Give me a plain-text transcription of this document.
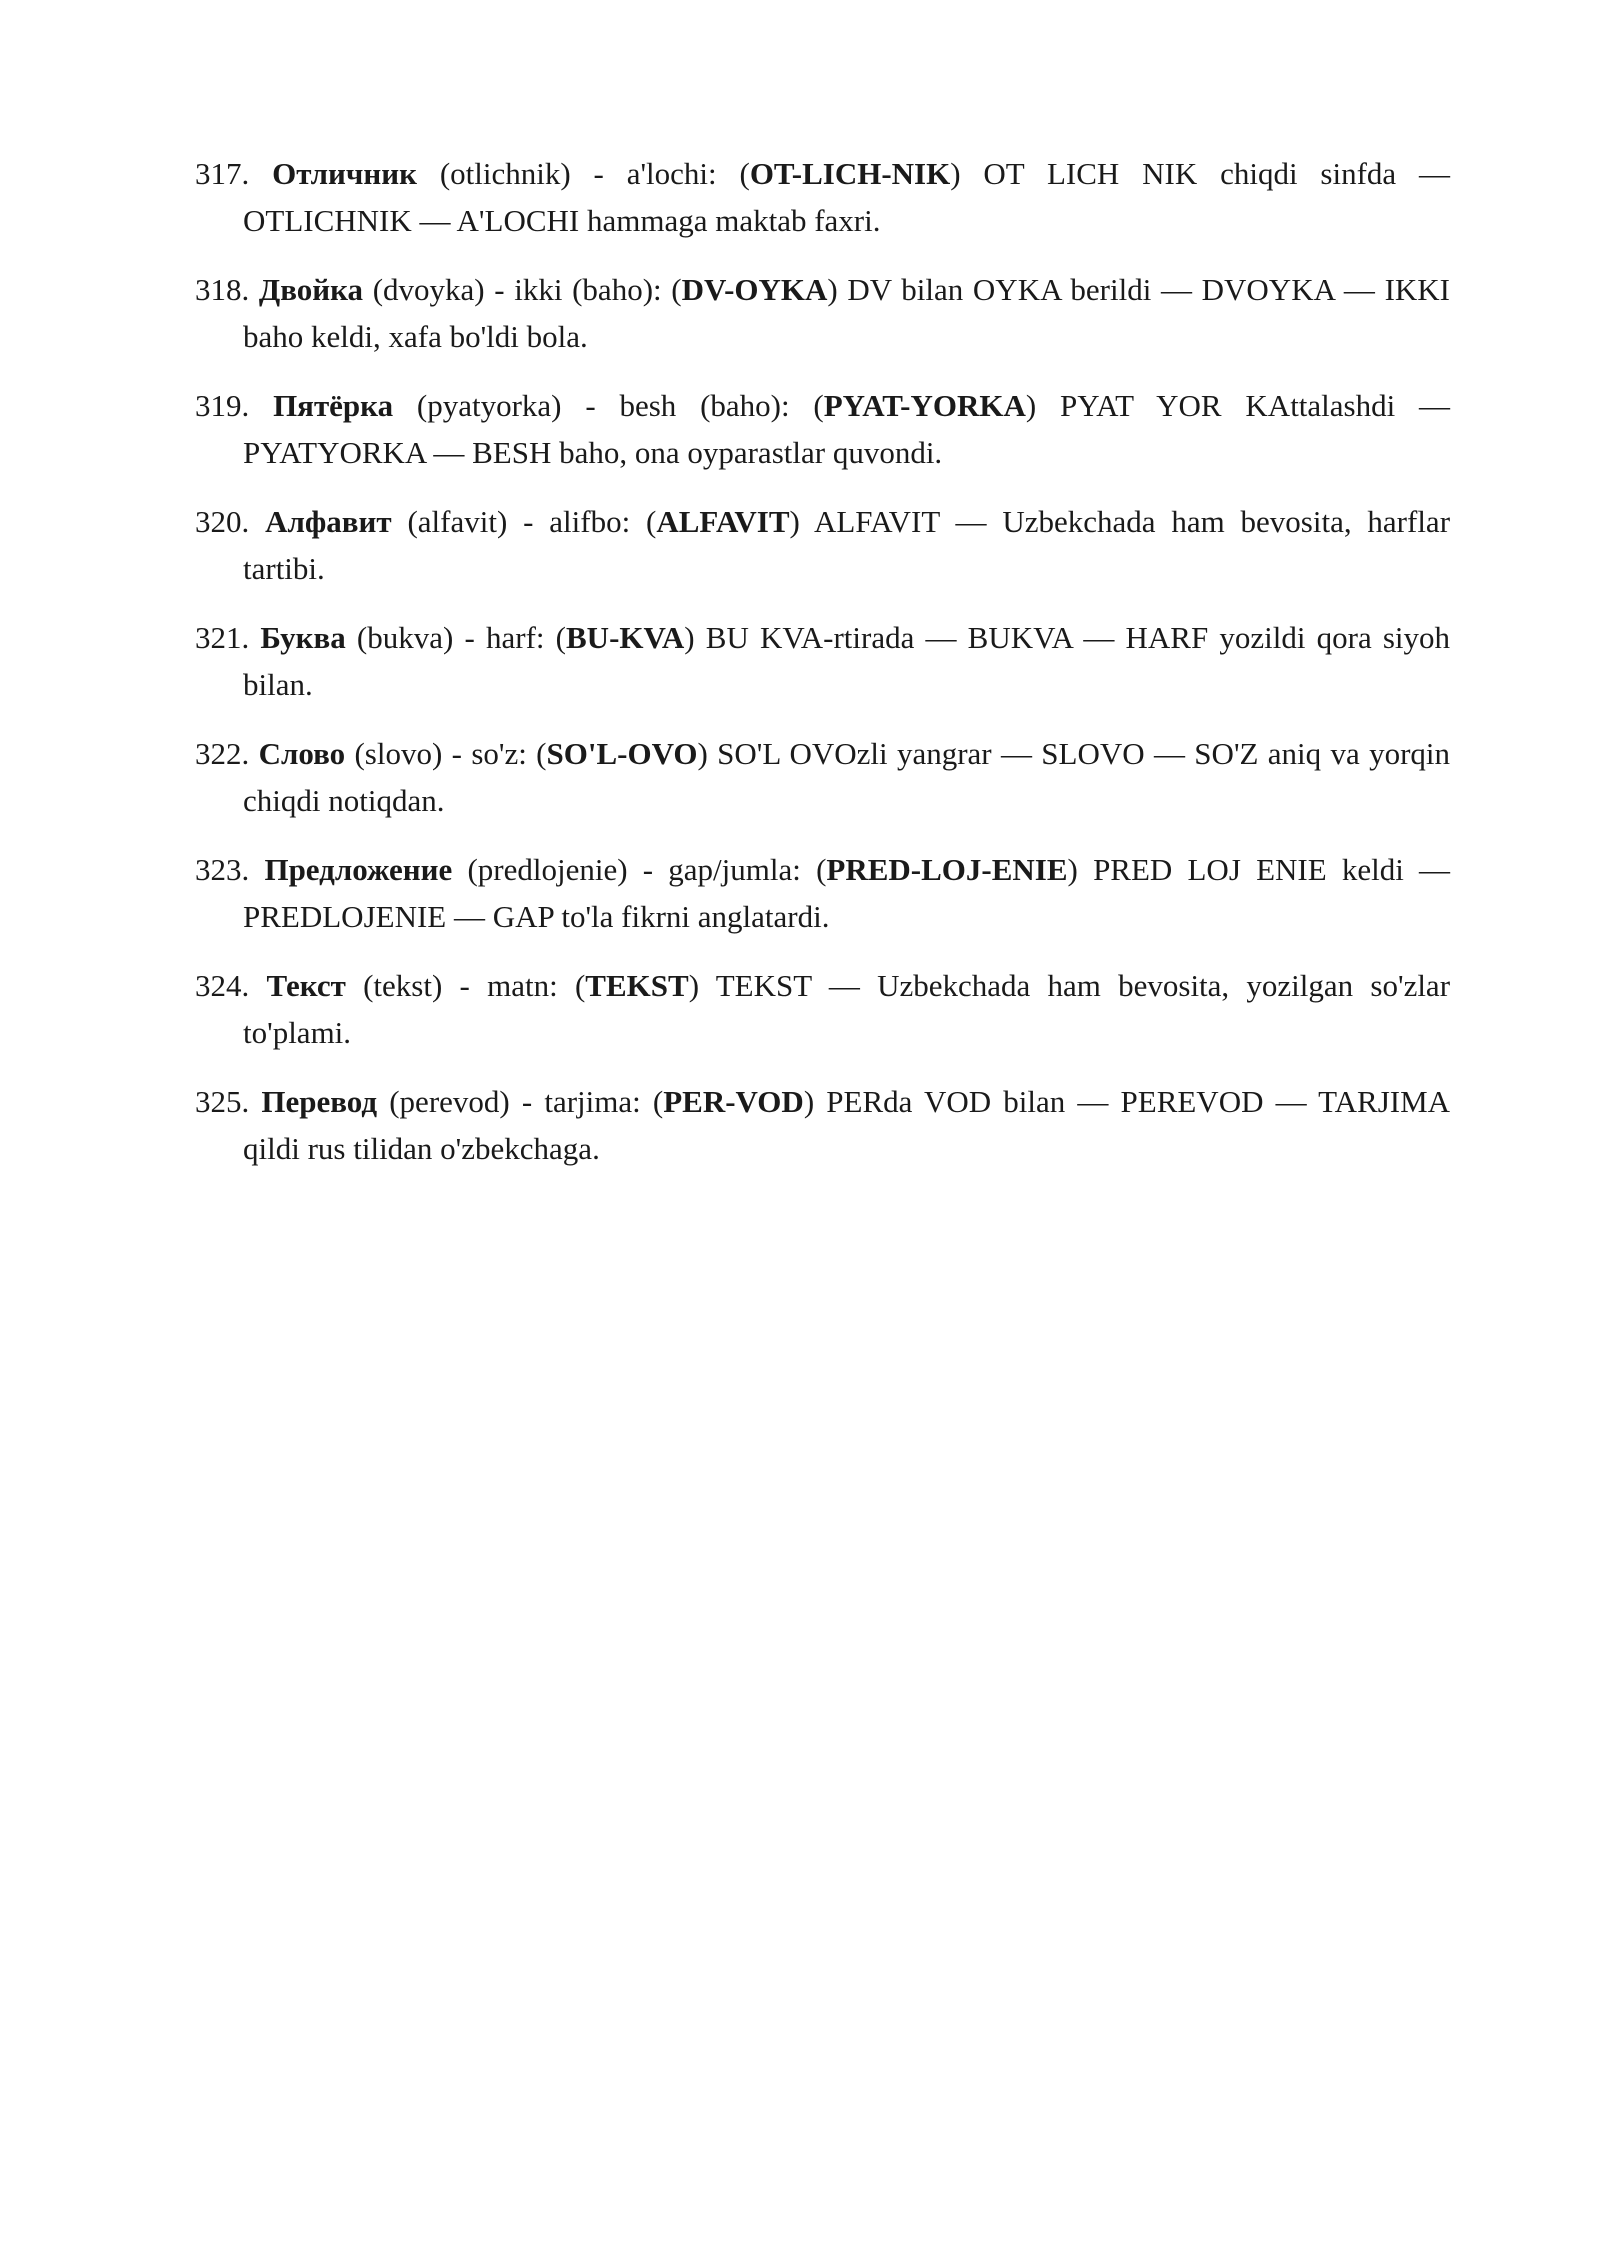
317. Отличник (otlichnik) - a'lochi: (OT-LICH-NIK) OT LICH NIK chiqdi sinfda — OTLICHNIK — A'LOCHI hammaga maktab faxri.
318. Двойка (dvoyka) - ikki (baho): (DV-OYKA) DV bilan OYKA berildi — DVOYKA — IKKI baho keldi, xafa bo'ldi bola.
319. Пятёрка (pyatyorka) - besh (baho): (PYAT-YORKA) PYAT YOR KAttalashdi — PYATYORKA — BESH baho, ona oyparastlar quvondi.
320. Алфавит (alfavit) - alifbo: (ALFAVIT) ALFAVIT — Uzbekchada ham bevosita, harflar tartibi.
321. Буква (bukva) - harf: (BU-KVA) BU KVA-rtirada — BUKVA — HARF yozildi qora siyoh bilan.
322. Слово (slovo) - so'z: (SO'L-OVO) SO'L OVOzli yangrar — SLOVO — SO'Z aniq va yorqin chiqdi notiqdan.
323. Предложение (predlojenie) - gap/jumla: (PRED-LOJ-ENIE) PRED LOJ ENIE keldi — PREDLOJENIE — GAP to'la fikrni anglatardi.
324. Текст (tekst) - matn: (TEKST) TEKST — Uzbekchada ham bevosita, yozilgan so'zlar to'plami.
325. Перевод (perevod) - tarjima: (PER-VOD) PERda VOD bilan — PEREVOD — TARJIMA qildi rus tilidan o'zbekchaga.
